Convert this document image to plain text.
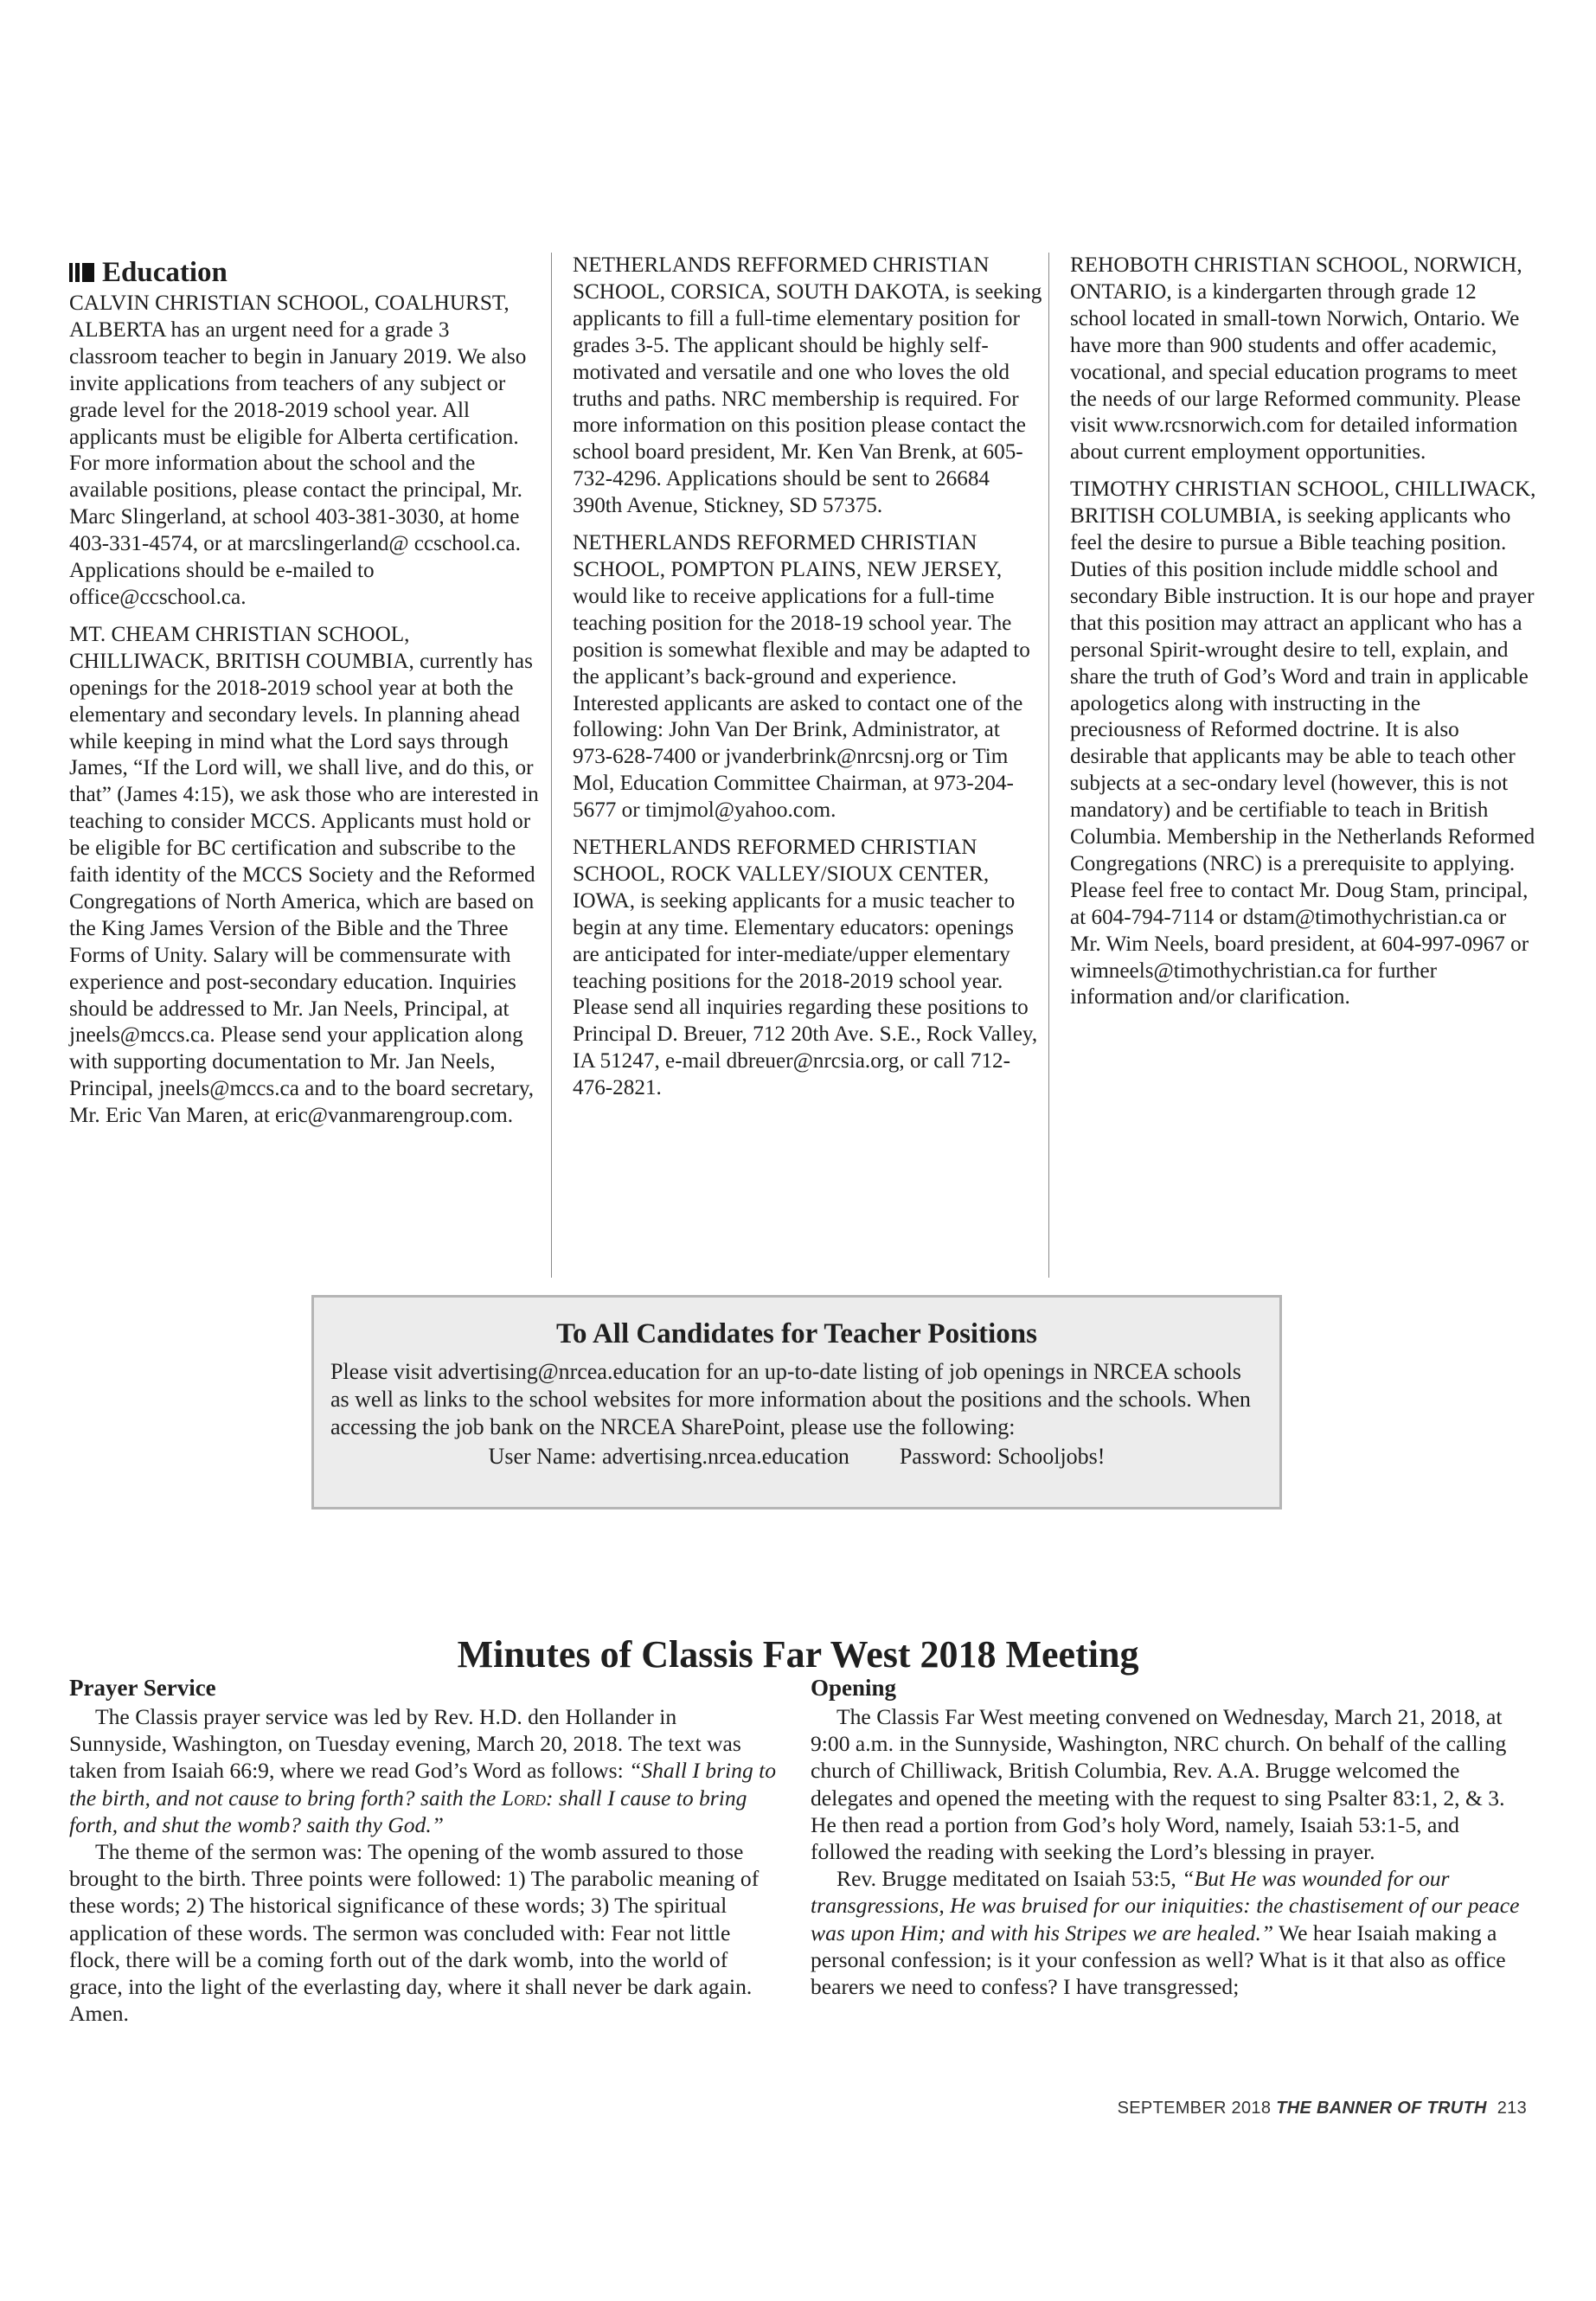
Education

CALVIN CHRISTIAN SCHOOL, COALHURST, ALBERTA has an urgent need for a grade 3 classroom teacher to begin in January 2019. We also invite applications from teachers of any subject or grade level for the 2018-2019 school year. All applicants must be eligible for Alberta certification. For more information about the school and the available positions, please contact the principal, Mr. Marc Slingerland, at school 403-381-3030, at home 403-331-4574, or at marcslingerland@ ccschool.ca. Applications should be e-mailed to office@ccschool.ca.

MT. CHEAM CHRISTIAN SCHOOL, CHILLIWACK, BRITISH COUMBIA, currently has openings for the 2018-2019 school year at both the elementary and secondary levels. In planning ahead while keeping in mind what the Lord says through James, “If the Lord will, we shall live, and do this, or that” (James 4:15), we ask those who are interested in teaching to consider MCCS. Applicants must hold or be eligible for BC certification and subscribe to the faith identity of the MCCS Society and the Reformed Congregations of North America, which are based on the King James Version of the Bible and the Three Forms of Unity. Salary will be commensurate with experience and post-secondary education. Inquiries should be addressed to Mr. Jan Neels, Principal, at jneels@mccs.ca. Please send your application along with supporting documentation to Mr. Jan Neels, Principal, jneels@mccs.ca and to the board secretary, Mr. Eric Van Maren, at eric@vanmarengroup.com.

NETHERLANDS REFFORMED CHRISTIAN SCHOOL, CORSICA, SOUTH DAKOTA, is seeking applicants to fill a full-time elementary position for grades 3-5. The applicant should be highly self-motivated and versatile and one who loves the old truths and paths. NRC membership is required. For more information on this position please contact the school board president, Mr. Ken Van Brenk, at 605-732-4296. Applications should be sent to 26684 390th Avenue, Stickney, SD 57375.

NETHERLANDS REFORMED CHRISTIAN SCHOOL, POMPTON PLAINS, NEW JERSEY, would like to receive applications for a full-time teaching position for the 2018-19 school year. The position is somewhat flexible and may be adapted to the applicant’s back-ground and experience. Interested applicants are asked to contact one of the following: John Van Der Brink, Administrator, at 973-628-7400 or jvanderbrink@nrcsnj.org or Tim Mol, Education Committee Chairman, at 973-204-5677 or timjmol@yahoo.com.

NETHERLANDS REFORMED CHRISTIAN SCHOOL, ROCK VALLEY/SIOUX CENTER, IOWA, is seeking applicants for a music teacher to begin at any time. Elementary educators: openings are anticipated for inter-mediate/upper elementary teaching positions for the 2018-2019 school year. Please send all inquiries regarding these positions to Principal D. Breuer, 712 20th Ave. S.E., Rock Valley, IA 51247, e-mail dbreuer@nrcsia.org, or call 712-476-2821.

REHOBOTH CHRISTIAN SCHOOL, NORWICH, ONTARIO, is a kindergarten through grade 12 school located in small-town Norwich, Ontario. We have more than 900 students and offer academic, vocational, and special education programs to meet the needs of our large Reformed community. Please visit www.rcsnorwich.com for detailed information about current employment opportunities.

TIMOTHY CHRISTIAN SCHOOL, CHILLIWACK, BRITISH COLUMBIA, is seeking applicants who feel the desire to pursue a Bible teaching position. Duties of this position include middle school and secondary Bible instruction. It is our hope and prayer that this position may attract an applicant who has a personal Spirit-wrought desire to tell, explain, and share the truth of God’s Word and train in applicable apologetics along with instructing in the preciousness of Reformed doctrine. It is also desirable that applicants may be able to teach other subjects at a sec-ondary level (however, this is not mandatory) and be certifiable to teach in British Columbia. Membership in the Netherlands Reformed Congregations (NRC) is a prerequisite to applying. Please feel free to contact Mr. Doug Stam, principal, at 604-794-7114 or dstam@timothychristian.ca or Mr. Wim Neels, board president, at 604-997-0967 or wimneels@timothychristian.ca for further information and/or clarification.

To All Candidates for Teacher Positions
Please visit advertising@nrcea.education for an up-to-date listing of job openings in NRCEA schools as well as links to the school websites for more information about the positions and the schools. When accessing the job bank on the NRCEA SharePoint, please use the following:
User Name: advertising.nrcea.education Password: Schooljobs!
Minutes of Classis Far West 2018 Meeting
Prayer Service

The Classis prayer service was led by Rev. H.D. den Hollander in Sunnyside, Washington, on Tuesday evening, March 20, 2018. The text was taken from Isaiah 66:9, where we read God’s Word as follows: “Shall I bring to the birth, and not cause to bring forth? saith the Lord: shall I cause to bring forth, and shut the womb? saith thy God.”

The theme of the sermon was: The opening of the womb assured to those brought to the birth. Three points were followed: 1) The parabolic meaning of these words; 2) The historical significance of these words; 3) The spiritual application of these words. The sermon was concluded with: Fear not little flock, there will be a coming forth out of the dark womb, into the world of grace, into the light of the everlasting day, where it shall never be dark again. Amen.

Opening

The Classis Far West meeting convened on Wednesday, March 21, 2018, at 9:00 a.m. in the Sunnyside, Washington, NRC church. On behalf of the calling church of Chilliwack, British Columbia, Rev. A.A. Brugge welcomed the delegates and opened the meeting with the request to sing Psalter 83:1, 2, & 3. He then read a portion from God’s holy Word, namely, Isaiah 53:1-5, and followed the reading with seeking the Lord’s blessing in prayer.

Rev. Brugge meditated on Isaiah 53:5, “But He was wounded for our transgressions, He was bruised for our iniquities: the chastisement of our peace was upon Him; and with his Stripes we are healed.” We hear Isaiah making a personal confession; is it your confession as well? What is it that also as office bearers we need to confess? I have transgressed;

SEPTEMBER 2018 THE BANNER OF TRUTH 213
